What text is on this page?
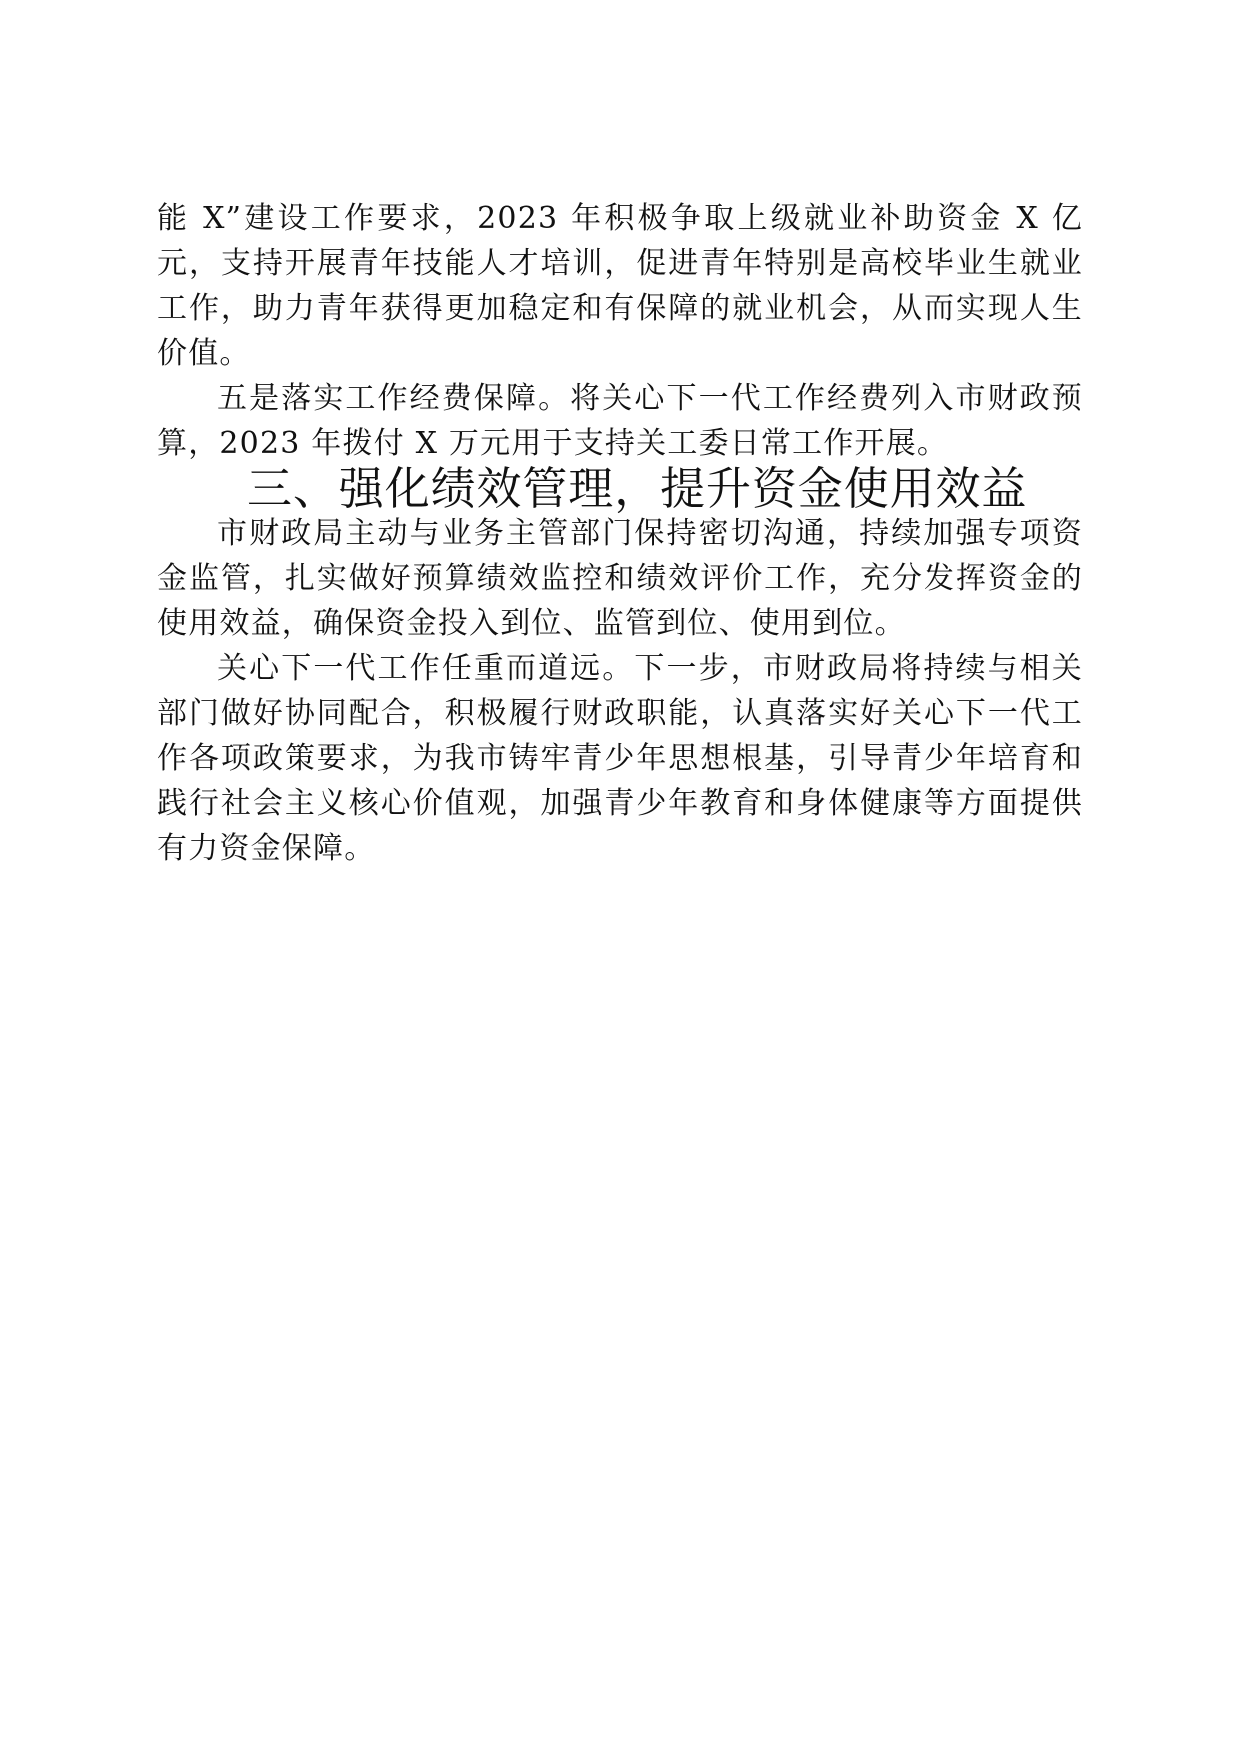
能 X”建设工作要求，2023 年积极争取上级就业补助资金 X 亿元，支持开展青年技能人才培训，促进青年特别是高校毕业生就业工作，助力青年获得更加稳定和有保障的就业机会，从而实现人生价值。

五是落实工作经费保障。将关心下一代工作经费列入市财政预算，2023 年拨付 X 万元用于支持关工委日常工作开展。

三、强化绩效管理，提升资金使用效益

市财政局主动与业务主管部门保持密切沟通，持续加强专项资金监管，扎实做好预算绩效监控和绩效评价工作，充分发挥资金的使用效益，确保资金投入到位、监管到位、使用到位。

关心下一代工作任重而道远。下一步，市财政局将持续与相关部门做好协同配合，积极履行财政职能，认真落实好关心下一代工作各项政策要求，为我市铸牢青少年思想根基，引导青少年培育和践行社会主义核心价值观，加强青少年教育和身体健康等方面提供有力资金保障。
